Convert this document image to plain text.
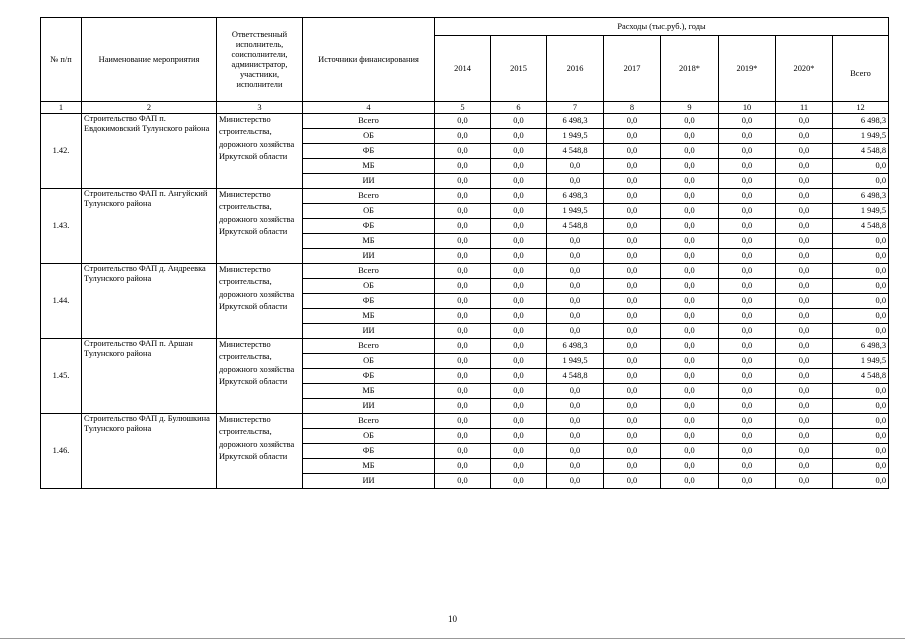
№ п/п	Наименование мероприятия	Ответственный исполнитель, соисполнители, администратор, участники, исполнители	Источники финансирования	Расходы (тыс.руб.), годы							
				2014	2015	2016	2017	2018*	2019*	2020*	Всего
1	2	3	4	5	6	7	8	9	10	11	12
1.42.	Строительство ФАП п. Евдокимовский Тулунского района	Министерство строительства, дорожного хозяйства Иркутской области	Всего	0,0	0,0	6 498,3	0,0	0,0	0,0	0,0	6 498,3
			ОБ	0,0	0,0	1 949,5	0,0	0,0	0,0	0,0	1 949,5
			ФБ	0,0	0,0	4 548,8	0,0	0,0	0,0	0,0	4 548,8
			МБ	0,0	0,0	0,0	0,0	0,0	0,0	0,0	0,0
			ИИ	0,0	0,0	0,0	0,0	0,0	0,0	0,0	0,0
1.43.	Строительство ФАП п. Ангуйский Тулунского района	Министерство строительства, дорожного хозяйства Иркутской области	Всего	0,0	0,0	6 498,3	0,0	0,0	0,0	0,0	6 498,3
			ОБ	0,0	0,0	1 949,5	0,0	0,0	0,0	0,0	1 949,5
			ФБ	0,0	0,0	4 548,8	0,0	0,0	0,0	0,0	4 548,8
			МБ	0,0	0,0	0,0	0,0	0,0	0,0	0,0	0,0
			ИИ	0,0	0,0	0,0	0,0	0,0	0,0	0,0	0,0
1.44.	Строительство ФАП д. Андреевка Тулунского района	Министерство строительства, дорожного хозяйства Иркутской области	Всего	0,0	0,0	0,0	0,0	0,0	0,0	0,0	0,0
			ОБ	0,0	0,0	0,0	0,0	0,0	0,0	0,0	0,0
			ФБ	0,0	0,0	0,0	0,0	0,0	0,0	0,0	0,0
			МБ	0,0	0,0	0,0	0,0	0,0	0,0	0,0	0,0
			ИИ	0,0	0,0	0,0	0,0	0,0	0,0	0,0	0,0
1.45.	Строительство ФАП п. Аршан Тулунского района	Министерство строительства, дорожного хозяйства Иркутской области	Всего	0,0	0,0	6 498,3	0,0	0,0	0,0	0,0	6 498,3
			ОБ	0,0	0,0	1 949,5	0,0	0,0	0,0	0,0	1 949,5
			ФБ	0,0	0,0	4 548,8	0,0	0,0	0,0	0,0	4 548,8
			МБ	0,0	0,0	0,0	0,0	0,0	0,0	0,0	0,0
			ИИ	0,0	0,0	0,0	0,0	0,0	0,0	0,0	0,0
1.46.	Строительство ФАП д. Булюшкина Тулунского района	Министерство строительства, дорожного хозяйства Иркутской области	Всего	0,0	0,0	0,0	0,0	0,0	0,0	0,0	0,0
			ОБ	0,0	0,0	0,0	0,0	0,0	0,0	0,0	0,0
			ФБ	0,0	0,0	0,0	0,0	0,0	0,0	0,0	0,0
			МБ	0,0	0,0	0,0	0,0	0,0	0,0	0,0	0,0
			ИИ	0,0	0,0	0,0	0,0	0,0	0,0	0,0	0,0
10
